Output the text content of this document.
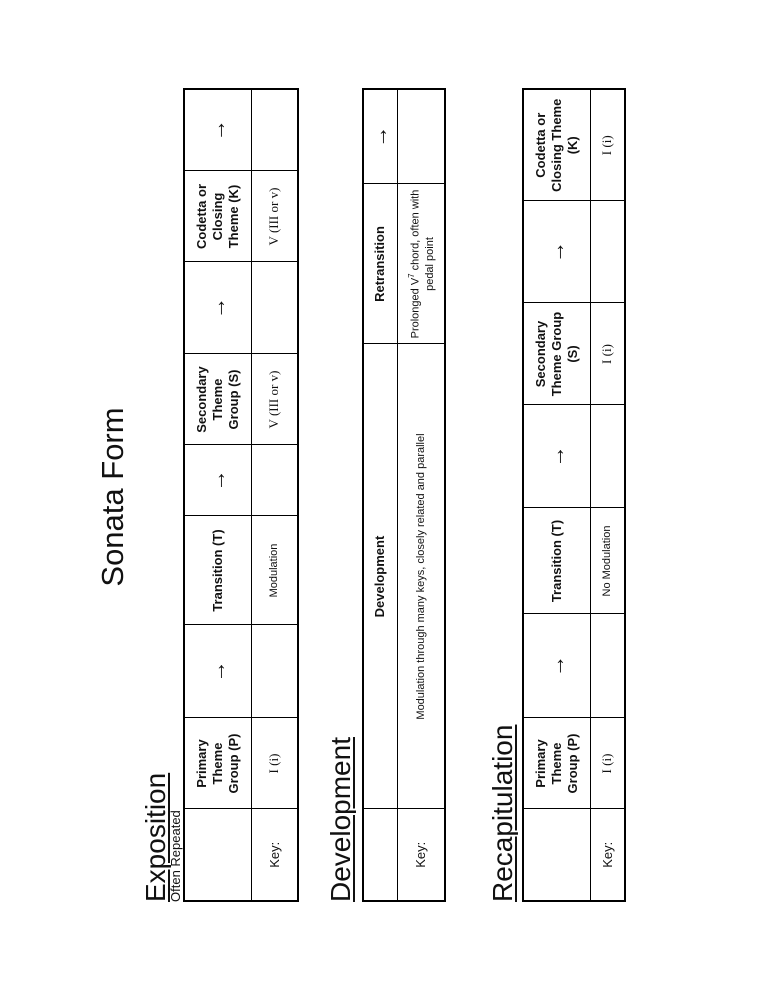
Sonata Form
Exposition
Often Repeated
	Primary Theme Group (P)	→	Transition (T)	→	Secondary Theme Group (S)	→	Codetta or Closing Theme (K)	→
Key:	I (i)		Modulation		V (III or v)		V (III or v)	
Development
	Development	Retransition	→
Key:	Modulation through many keys, closely related and parallel	Prolonged $V^7$ chord, often with pedal point	
Recapitulation
	Primary Theme Group (P)	→	Transition (T)	→	Secondary Theme Group (S)	→	Codetta or Closing Theme (K)
Key:	I (i)		No Modulation		I (i)		I (i)
